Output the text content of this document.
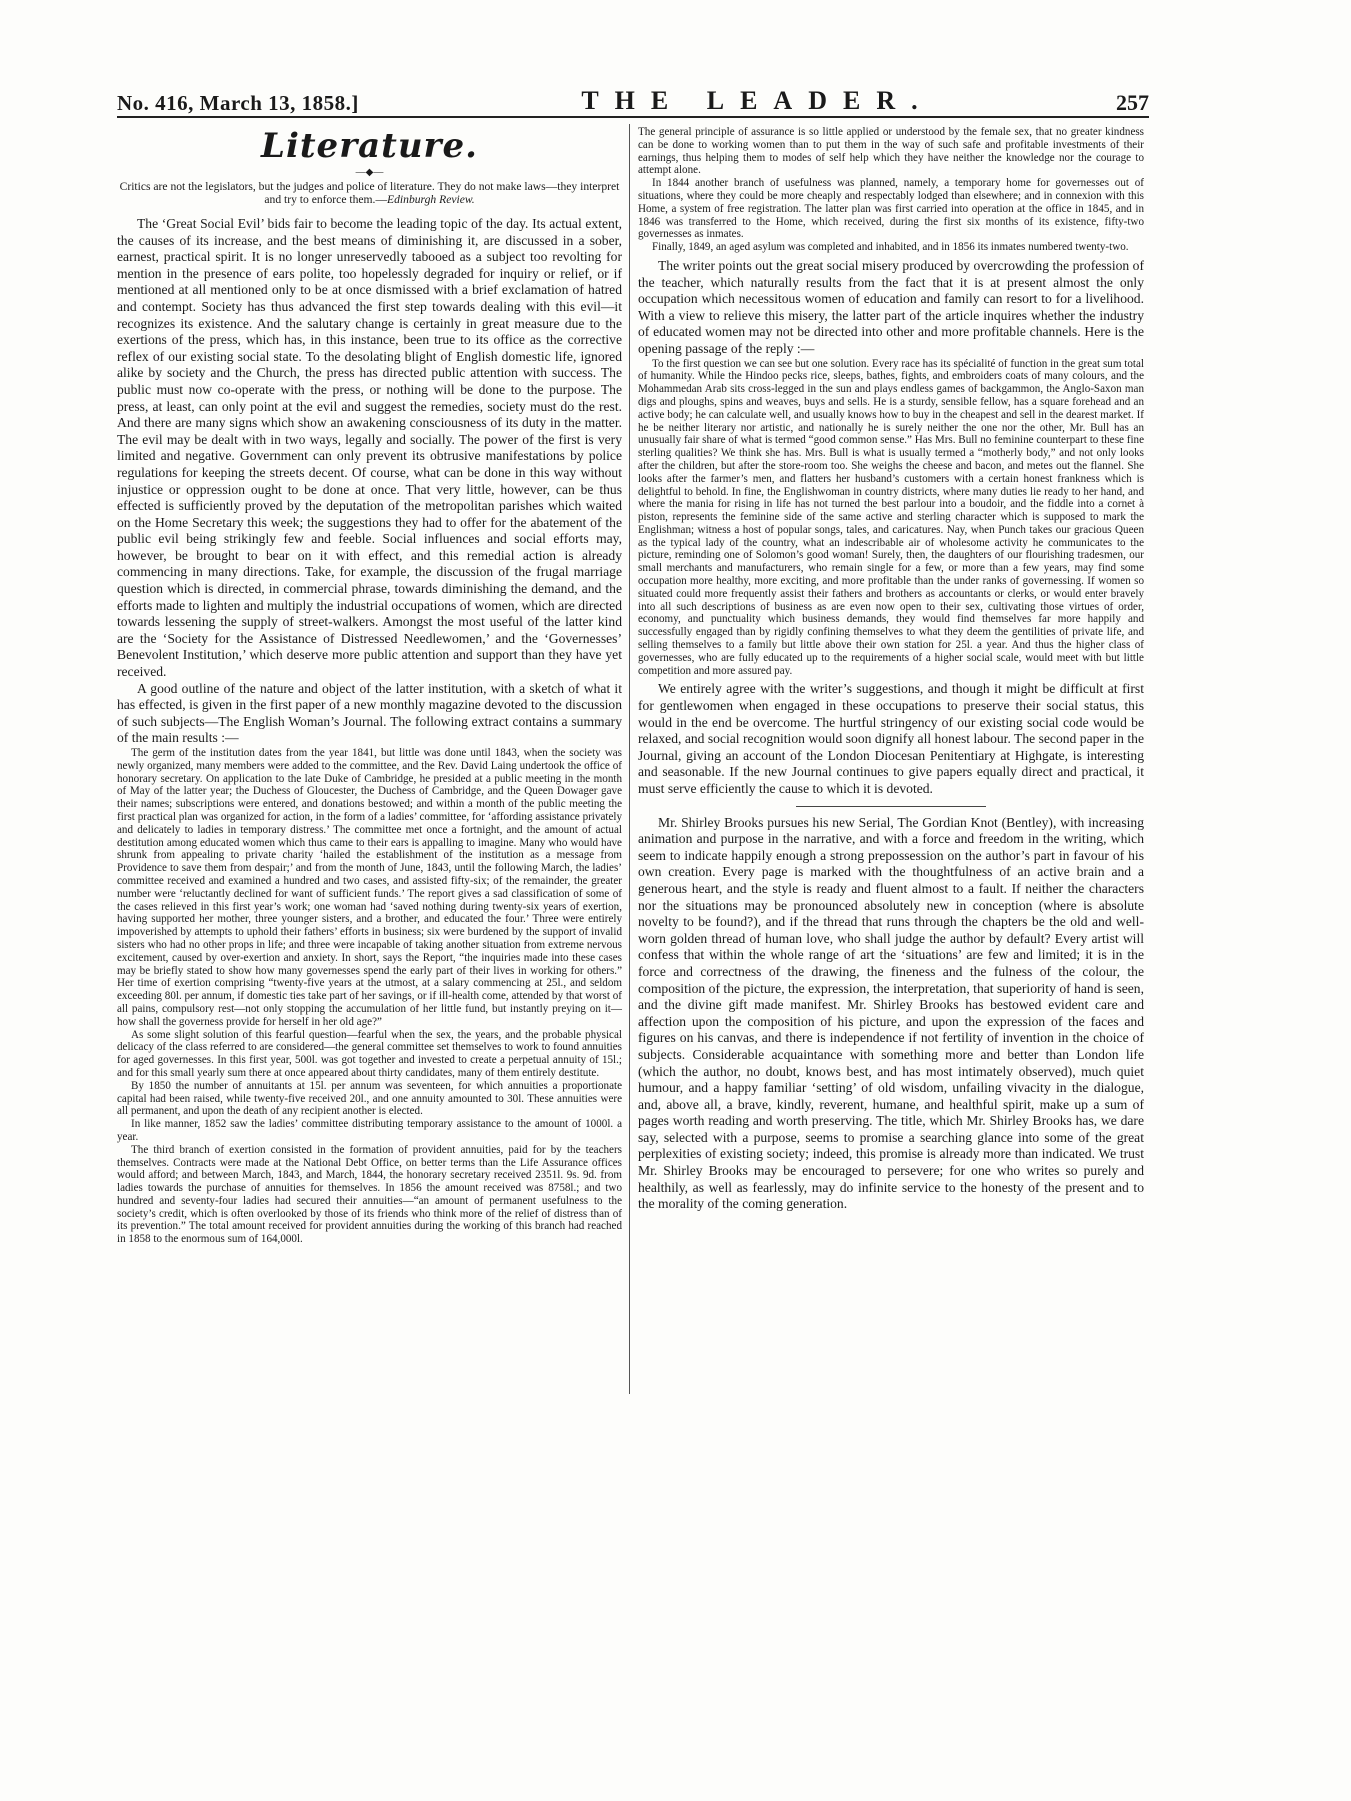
No. 416, March 13, 1858.]	THE LEADER.	257
Literature.
—◆—
Critics are not the legislators, but the judges and police of literature. They do not make laws—they interpret and try to enforce them.—Edinburgh Review.

The ‘Great Social Evil’ bids fair to become the leading topic of the day. Its actual extent, the causes of its increase, and the best means of diminishing it, are discussed in a sober, earnest, practical spirit. It is no longer unreservedly tabooed as a subject too revolting for mention in the presence of ears polite, too hopelessly degraded for inquiry or relief, or if mentioned at all mentioned only to be at once dismissed with a brief exclamation of hatred and contempt. Society has thus advanced the first step towards dealing with this evil—it recognizes its existence. And the salutary change is certainly in great measure due to the exertions of the press, which has, in this instance, been true to its office as the corrective reflex of our existing social state. To the desolating blight of English domestic life, ignored alike by society and the Church, the press has directed public attention with success. The public must now co-operate with the press, or nothing will be done to the purpose. The press, at least, can only point at the evil and suggest the remedies, society must do the rest. And there are many signs which show an awakening consciousness of its duty in the matter. The evil may be dealt with in two ways, legally and socially. The power of the first is very limited and negative. Government can only prevent its obtrusive manifestations by police regulations for keeping the streets decent. Of course, what can be done in this way without injustice or oppression ought to be done at once. That very little, however, can be thus effected is sufficiently proved by the deputation of the metropolitan parishes which waited on the Home Secretary this week; the suggestions they had to offer for the abatement of the public evil being strikingly few and feeble. Social influences and social efforts may, however, be brought to bear on it with effect, and this remedial action is already commencing in many directions. Take, for example, the discussion of the frugal marriage question which is directed, in commercial phrase, towards diminishing the demand, and the efforts made to lighten and multiply the industrial occupations of women, which are directed towards lessening the supply of street-walkers. Amongst the most useful of the latter kind are the ‘Society for the Assistance of Distressed Needlewomen,’ and the ‘Governesses’ Benevolent Institution,’ which deserve more public attention and support than they have yet received.

A good outline of the nature and object of the latter institution, with a sketch of what it has effected, is given in the first paper of a new monthly magazine devoted to the discussion of such subjects—The English Woman’s Journal. The following extract contains a summary of the main results :—

The germ of the institution dates from the year 1841, but little was done until 1843, when the society was newly organized, many members were added to the committee, and the Rev. David Laing undertook the office of honorary secretary. On application to the late Duke of Cambridge, he presided at a public meeting in the month of May of the latter year; the Duchess of Gloucester, the Duchess of Cambridge, and the Queen Dowager gave their names; subscriptions were entered, and donations bestowed; and within a month of the public meeting the first practical plan was organized for action, in the form of a ladies’ committee, for ‘affording assistance privately and delicately to ladies in temporary distress.’ The committee met once a fortnight, and the amount of actual destitution among educated women which thus came to their ears is appalling to imagine. Many who would have shrunk from appealing to private charity ‘hailed the establishment of the institution as a message from Providence to save them from despair;’ and from the month of June, 1843, until the following March, the ladies’ committee received and examined a hundred and two cases, and assisted fifty-six; of the remainder, the greater number were ‘reluctantly declined for want of sufficient funds.’ The report gives a sad classification of some of the cases relieved in this first year’s work; one woman had ‘saved nothing during twenty-six years of exertion, having supported her mother, three younger sisters, and a brother, and educated the four.’ Three were entirely impoverished by attempts to uphold their fathers’ efforts in business; six were burdened by the support of invalid sisters who had no other props in life; and three were incapable of taking another situation from extreme nervous excitement, caused by over-exertion and anxiety. In short, says the Report, “the inquiries made into these cases may be briefly stated to show how many governesses spend the early part of their lives in working for others.” Her time of exertion comprising “twenty-five years at the utmost, at a salary commencing at 25l., and seldom exceeding 80l. per annum, if domestic ties take part of her savings, or if ill-health come, attended by that worst of all pains, compulsory rest—not only stopping the accumulation of her little fund, but instantly preying on it—how shall the governess provide for herself in her old age?”

As some slight solution of this fearful question—fearful when the sex, the years, and the probable physical delicacy of the class referred to are considered—the general committee set themselves to work to found annuities for aged governesses. In this first year, 500l. was got together and invested to create a perpetual annuity of 15l.; and for this small yearly sum there at once appeared about thirty candidates, many of them entirely destitute.

By 1850 the number of annuitants at 15l. per annum was seventeen, for which annuities a proportionate capital had been raised, while twenty-five received 20l., and one annuity amounted to 30l. These annuities were all permanent, and upon the death of any recipient another is elected.

In like manner, 1852 saw the ladies’ committee distributing temporary assistance to the amount of 1000l. a year.

The third branch of exertion consisted in the formation of provident annuities, paid for by the teachers themselves. Contracts were made at the National Debt Office, on better terms than the Life Assurance offices would afford; and between March, 1843, and March, 1844, the honorary secretary received 2351l. 9s. 9d. from ladies towards the purchase of annuities for themselves. In 1856 the amount received was 8758l.; and two hundred and seventy-four ladies had secured their annuities—“an amount of permanent usefulness to the society’s credit, which is often overlooked by those of its friends who think more of the relief of distress than of its prevention.” The total amount received for provident annuities during the working of this branch had reached in 1858 to the enormous sum of 164,000l.

The general principle of assurance is so little applied or understood by the female sex, that no greater kindness can be done to working women than to put them in the way of such safe and profitable investments of their earnings, thus helping them to modes of self help which they have neither the knowledge nor the courage to attempt alone.

In 1844 another branch of usefulness was planned, namely, a temporary home for governesses out of situations, where they could be more cheaply and respectably lodged than elsewhere; and in connexion with this Home, a system of free registration. The latter plan was first carried into operation at the office in 1845, and in 1846 was transferred to the Home, which received, during the first six months of its existence, fifty-two governesses as inmates.

Finally, 1849, an aged asylum was completed and inhabited, and in 1856 its inmates numbered twenty-two.

The writer points out the great social misery produced by overcrowding the profession of the teacher, which naturally results from the fact that it is at present almost the only occupation which necessitous women of education and family can resort to for a livelihood. With a view to relieve this misery, the latter part of the article inquires whether the industry of educated women may not be directed into other and more profitable channels. Here is the opening passage of the reply :—

To the first question we can see but one solution. Every race has its spécialité of function in the great sum total of humanity. While the Hindoo pecks rice, sleeps, bathes, fights, and embroiders coats of many colours, and the Mohammedan Arab sits cross-legged in the sun and plays endless games of backgammon, the Anglo-Saxon man digs and ploughs, spins and weaves, buys and sells. He is a sturdy, sensible fellow, has a square forehead and an active body; he can calculate well, and usually knows how to buy in the cheapest and sell in the dearest market. If he be neither literary nor artistic, and nationally he is surely neither the one nor the other, Mr. Bull has an unusually fair share of what is termed “good common sense.” Has Mrs. Bull no feminine counterpart to these fine sterling qualities? We think she has. Mrs. Bull is what is usually termed a “motherly body,” and not only looks after the children, but after the store-room too. She weighs the cheese and bacon, and metes out the flannel. She looks after the farmer’s men, and flatters her husband’s customers with a certain honest frankness which is delightful to behold. In fine, the Englishwoman in country districts, where many duties lie ready to her hand, and where the mania for rising in life has not turned the best parlour into a boudoir, and the fiddle into a cornet à piston, represents the feminine side of the same active and sterling character which is supposed to mark the Englishman; witness a host of popular songs, tales, and caricatures. Nay, when Punch takes our gracious Queen as the typical lady of the country, what an indescribable air of wholesome activity he communicates to the picture, reminding one of Solomon’s good woman! Surely, then, the daughters of our flourishing tradesmen, our small merchants and manufacturers, who remain single for a few, or more than a few years, may find some occupation more healthy, more exciting, and more profitable than the under ranks of governessing. If women so situated could more frequently assist their fathers and brothers as accountants or clerks, or would enter bravely into all such descriptions of business as are even now open to their sex, cultivating those virtues of order, economy, and punctuality which business demands, they would find themselves far more happily and successfully engaged than by rigidly confining themselves to what they deem the gentilities of private life, and selling themselves to a family but little above their own station for 25l. a year. And thus the higher class of governesses, who are fully educated up to the requirements of a higher social scale, would meet with but little competition and more assured pay.

We entirely agree with the writer’s suggestions, and though it might be difficult at first for gentlewomen when engaged in these occupations to preserve their social status, this would in the end be overcome. The hurtful stringency of our existing social code would be relaxed, and social recognition would soon dignify all honest labour. The second paper in the Journal, giving an account of the London Diocesan Penitentiary at Highgate, is interesting and seasonable. If the new Journal continues to give papers equally direct and practical, it must serve efficiently the cause to which it is devoted.

Mr. Shirley Brooks pursues his new Serial, The Gordian Knot (Bentley), with increasing animation and purpose in the narrative, and with a force and freedom in the writing, which seem to indicate happily enough a strong prepossession on the author’s part in favour of his own creation. Every page is marked with the thoughtfulness of an active brain and a generous heart, and the style is ready and fluent almost to a fault. If neither the characters nor the situations may be pronounced absolutely new in conception (where is absolute novelty to be found?), and if the thread that runs through the chapters be the old and well-worn golden thread of human love, who shall judge the author by default? Every artist will confess that within the whole range of art the ‘situations’ are few and limited; it is in the force and correctness of the drawing, the fineness and the fulness of the colour, the composition of the picture, the expression, the interpretation, that superiority of hand is seen, and the divine gift made manifest. Mr. Shirley Brooks has bestowed evident care and affection upon the composition of his picture, and upon the expression of the faces and figures on his canvas, and there is independence if not fertility of invention in the choice of subjects. Considerable acquaintance with something more and better than London life (which the author, no doubt, knows best, and has most intimately observed), much quiet humour, and a happy familiar ‘setting’ of old wisdom, unfailing vivacity in the dialogue, and, above all, a brave, kindly, reverent, humane, and healthful spirit, make up a sum of pages worth reading and worth preserving. The title, which Mr. Shirley Brooks has, we dare say, selected with a purpose, seems to promise a searching glance into some of the great perplexities of existing society; indeed, this promise is already more than indicated. We trust Mr. Shirley Brooks may be encouraged to persevere; for one who writes so purely and healthily, as well as fearlessly, may do infinite service to the honesty of the present and to the morality of the coming generation.
